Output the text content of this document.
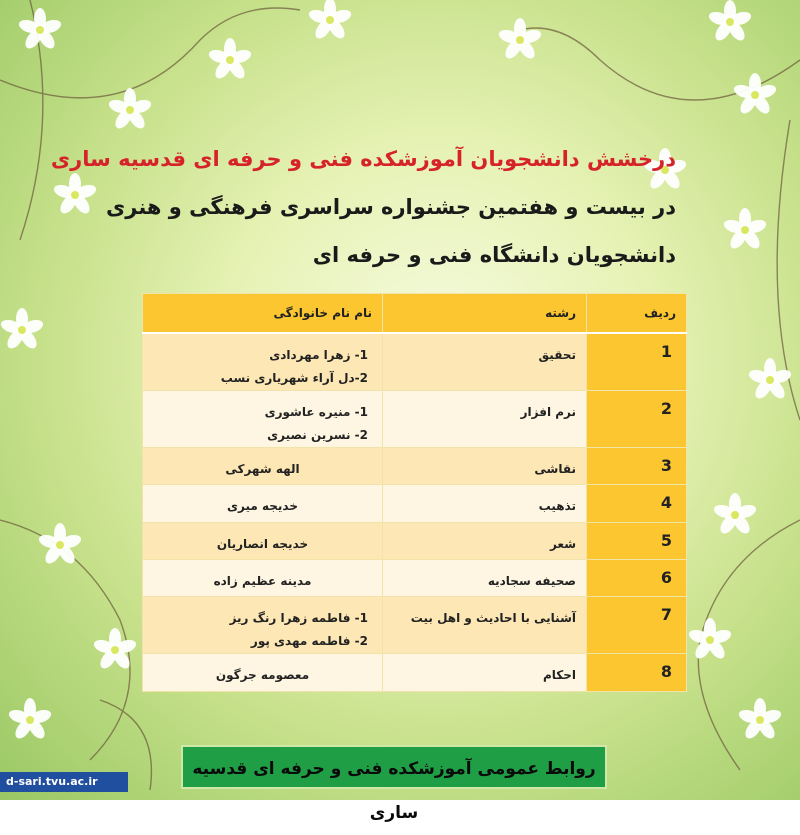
درخشش دانشجویان آموزشکده فنی و حرفه ای قدسیه ساری
در بیست و هفتمین جشنواره سراسری فرهنگی و هنری
دانشجویان دانشگاه فنی و حرفه ای
ردیف	رشته	نام نام خانوادگی
1	تحقیق	1- زهرا مهردادی
2-دل آراء شهریاری نسب

2	نرم افزار	1- منیره عاشوری
2- نسرین نصیری

3	نقاشی	الهه شهرکی

4	تذهیب	خدیجه میری

5	شعر	خدیجه انصاریان

6	صحیفه سجادیه	مدینه عظیم زاده

7	آشنایی با احادیث و اهل بیت	1- فاطمه زهرا رنگ ریز
2- فاطمه مهدی پور

8	احکام	معصومه جرگون
روابط عمومی آموزشکده فنی و حرفه ای قدسیه ساری
d-sari.tvu.ac.ir
